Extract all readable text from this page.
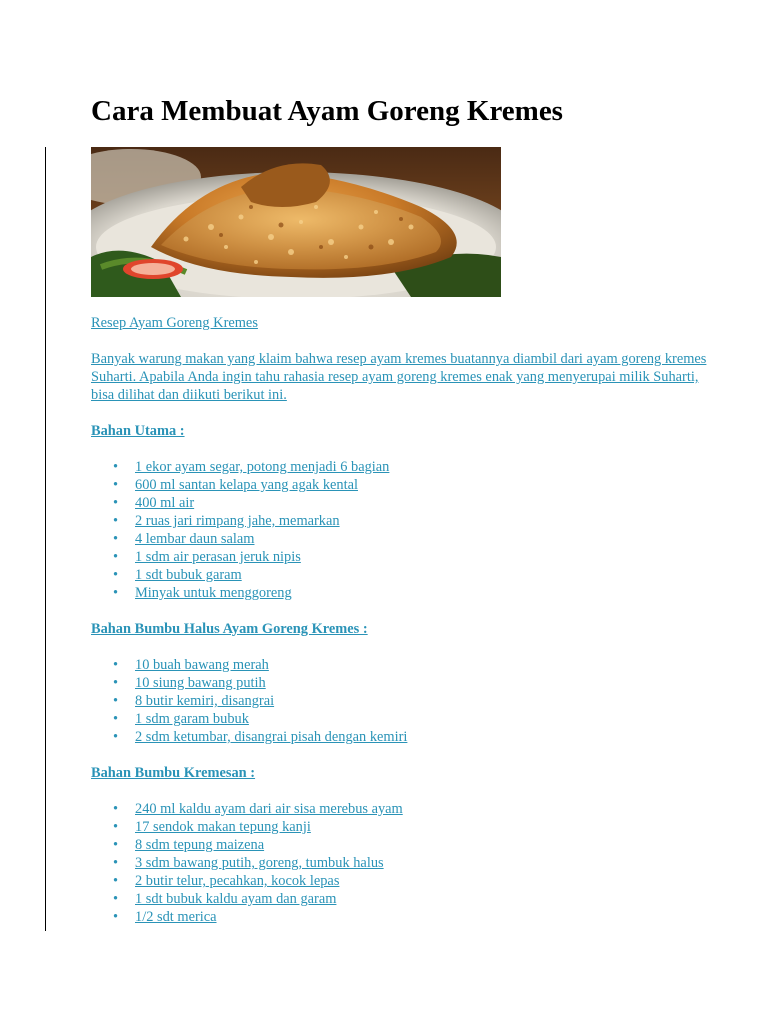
Cara Membuat Ayam Goreng Kremes

Resep Ayam Goreng Kremes

Banyak warung makan yang klaim bahwa resep ayam kremes buatannya diambil dari ayam goreng kremes Suharti. Apabila Anda ingin tahu rahasia resep ayam goreng kremes enak yang menyerupai milik Suharti, bisa dilihat dan diikuti berikut ini.

Bahan Utama :

• 1 ekor ayam segar, potong menjadi 6 bagian
• 600 ml santan kelapa yang agak kental
• 400 ml air
• 2 ruas jari rimpang jahe, memarkan
• 4 lembar daun salam
• 1 sdm air perasan jeruk nipis
• 1 sdt bubuk garam
• Minyak untuk menggoreng

Bahan Bumbu Halus Ayam Goreng Kremes :

• 10 buah bawang merah
• 10 siung bawang putih
• 8 butir kemiri, disangrai
• 1 sdm garam bubuk
• 2 sdm ketumbar, disangrai pisah dengan kemiri

Bahan Bumbu Kremesan :

• 240 ml kaldu ayam dari air sisa merebus ayam
• 17 sendok makan tepung kanji
• 8 sdm tepung maizena
• 3 sdm bawang putih, goreng, tumbuk halus
• 2 butir telur, pecahkan, kocok lepas
• 1 sdt bubuk kaldu ayam dan garam
• 1/2 sdt merica
